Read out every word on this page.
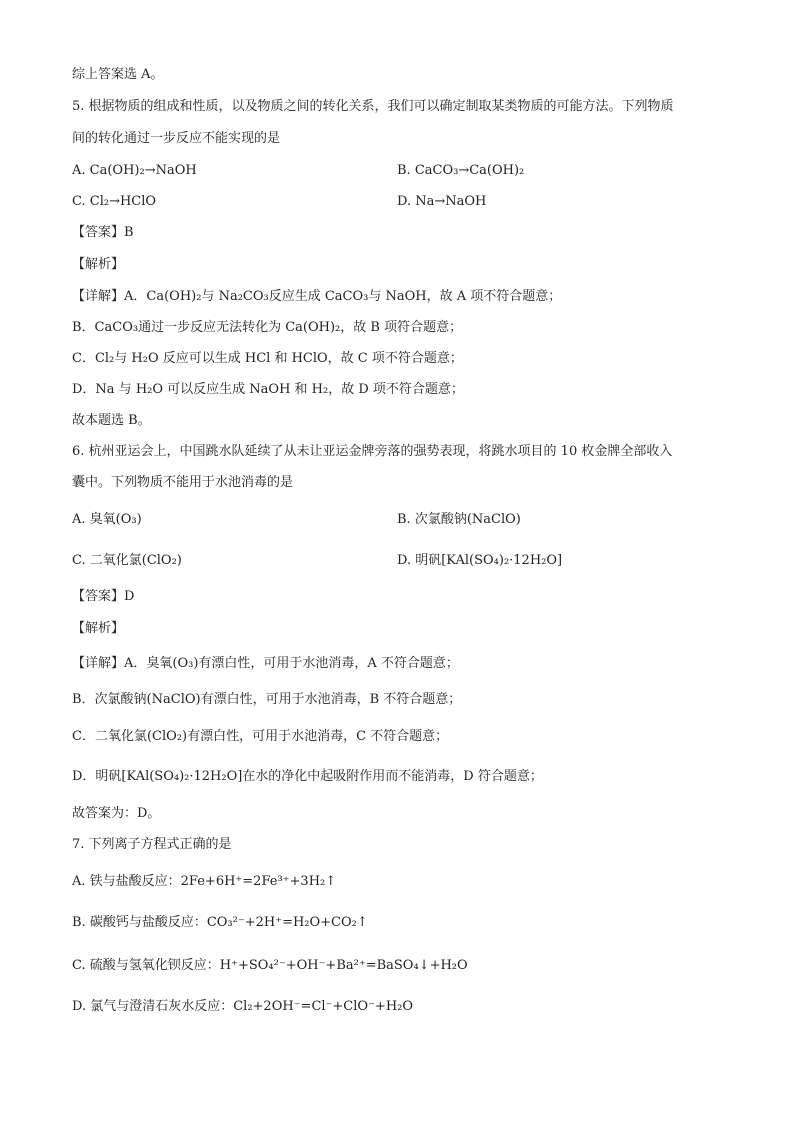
综上答案选 A。
5. 根据物质的组成和性质，以及物质之间的转化关系，我们可以确定制取某类物质的可能方法。下列物质
间的转化通过一步反应不能实现的是
A. Ca(OH)₂→NaOH	B. CaCO₃→Ca(OH)₂
C. Cl₂→HClO	D. Na→NaOH
【答案】B
【解析】
【详解】A．Ca(OH)₂与 Na₂CO₃反应生成 CaCO₃与 NaOH，故 A 项不符合题意；
B．CaCO₃通过一步反应无法转化为 Ca(OH)₂，故 B 项符合题意；
C．Cl₂与 H₂O 反应可以生成 HCl 和 HClO，故 C 项不符合题意；
D．Na 与 H₂O 可以反应生成 NaOH 和 H₂，故 D 项不符合题意；
故本题选 B。
6. 杭州亚运会上，中国跳水队延续了从未让亚运金牌旁落的强势表现，将跳水项目的 10 枚金牌全部收入
囊中。下列物质不能用于水池消毒的是
A. 臭氧(O₃)	B. 次氯酸钠(NaClO)
C. 二氧化氯(ClO₂)	D. 明矾[KAl(SO₄)₂·12H₂O]
【答案】D
【解析】
【详解】A．臭氧(O₃)有漂白性，可用于水池消毒，A 不符合题意；
B．次氯酸钠(NaClO)有漂白性，可用于水池消毒，B 不符合题意；
C．二氧化氯(ClO₂)有漂白性，可用于水池消毒，C 不符合题意；
D．明矾[KAl(SO₄)₂·12H₂O]在水的净化中起吸附作用而不能消毒，D 符合题意；
故答案为：D。
7. 下列离子方程式正确的是
A. 铁与盐酸反应：2Fe+6H⁺=2Fe³⁺+3H₂↑
B. 碳酸钙与盐酸反应：CO₃²⁻+2H⁺=H₂O+CO₂↑
C. 硫酸与氢氧化钡反应：H⁺+SO₄²⁻+OH⁻+Ba²⁺=BaSO₄↓+H₂O
D. 氯气与澄清石灰水反应：Cl₂+2OH⁻=Cl⁻+ClO⁻+H₂O
